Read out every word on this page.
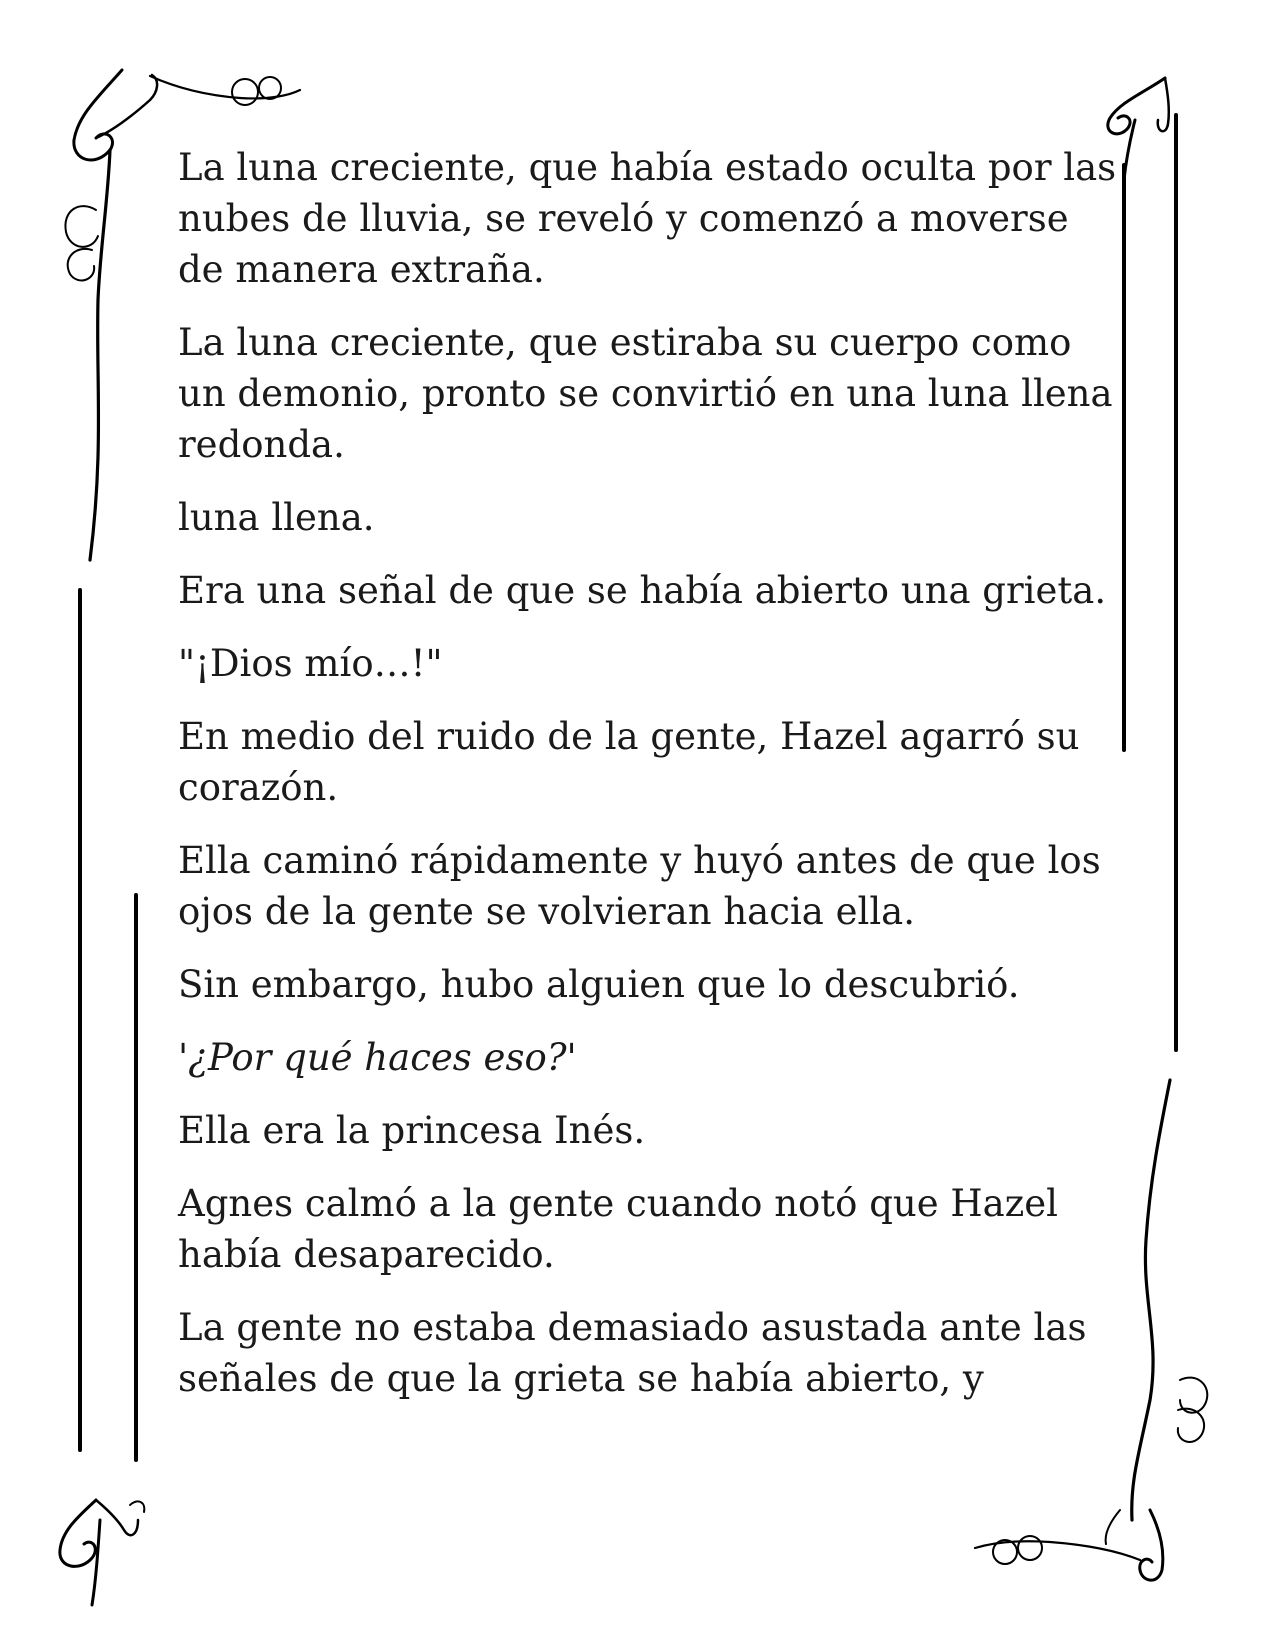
La luna creciente, que había estado oculta por las nubes de lluvia, se reveló y comenzó a moverse de manera extraña.

La luna creciente, que estiraba su cuerpo como un demonio, pronto se convirtió en una luna llena redonda.

luna llena.

Era una señal de que se había abierto una grieta.

"¡Dios mío…!"

En medio del ruido de la gente, Hazel agarró su corazón.

Ella caminó rápidamente y huyó antes de que los ojos de la gente se volvieran hacia ella.

Sin embargo, hubo alguien que lo descubrió.

'¿Por qué haces eso?'

Ella era la princesa Inés.

Agnes calmó a la gente cuando notó que Hazel había desaparecido.

La gente no estaba demasiado asustada ante las señales de que la grieta se había abierto, y
